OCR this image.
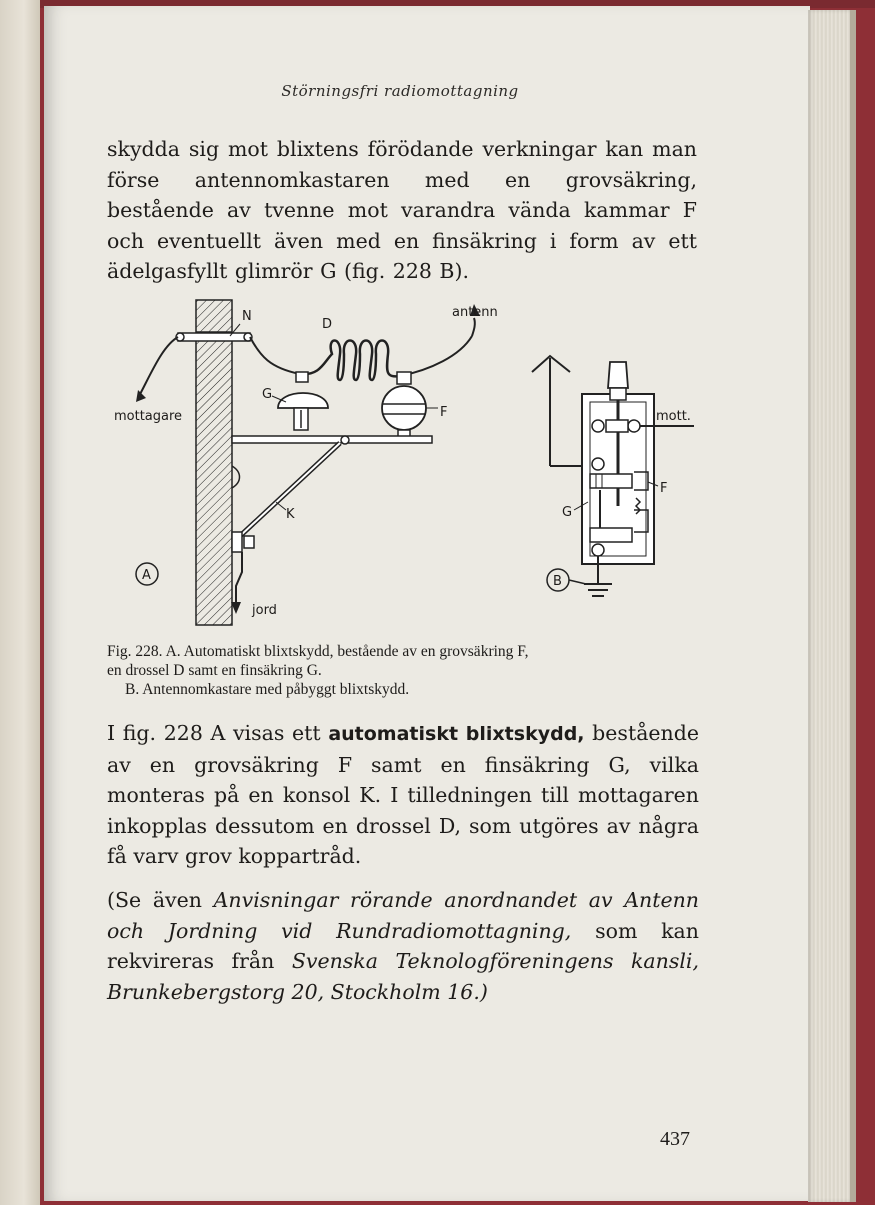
Störningsfri radiomottagning

skydda sig mot blixtens förödande verkningar kan man förse antennomkastaren med en grovsäkring, bestående av tvenne mot varandra vända kammar F och eventuellt även med en finsäkring i form av ett ädelgasfyllt glimrör G (fig. 228 B).

A
N
D
antenn
G
F
K
mottagare
jord
mott.
F
G
B
Fig. 228. A. Automatiskt blixtskydd, bestående av en grovsäkring F,
en drossel D samt en finsäkring G.
B. Antennomkastare med påbyggt blixtskydd.

I fig. 228 A visas ett automatiskt blixtskydd, bestående av en grovsäkring F samt en finsäkring G, vilka monteras på en konsol K. I tilledningen till mottagaren inkopplas dessutom en drossel D, som utgöres av några få varv grov koppartråd.

(Se även Anvisningar rörande anordnandet av Antenn och Jordning vid Rundradiomottagning, som kan rekvireras från Svenska Teknologföreningens kansli, Brunkebergstorg 20, Stockholm 16.)

437
